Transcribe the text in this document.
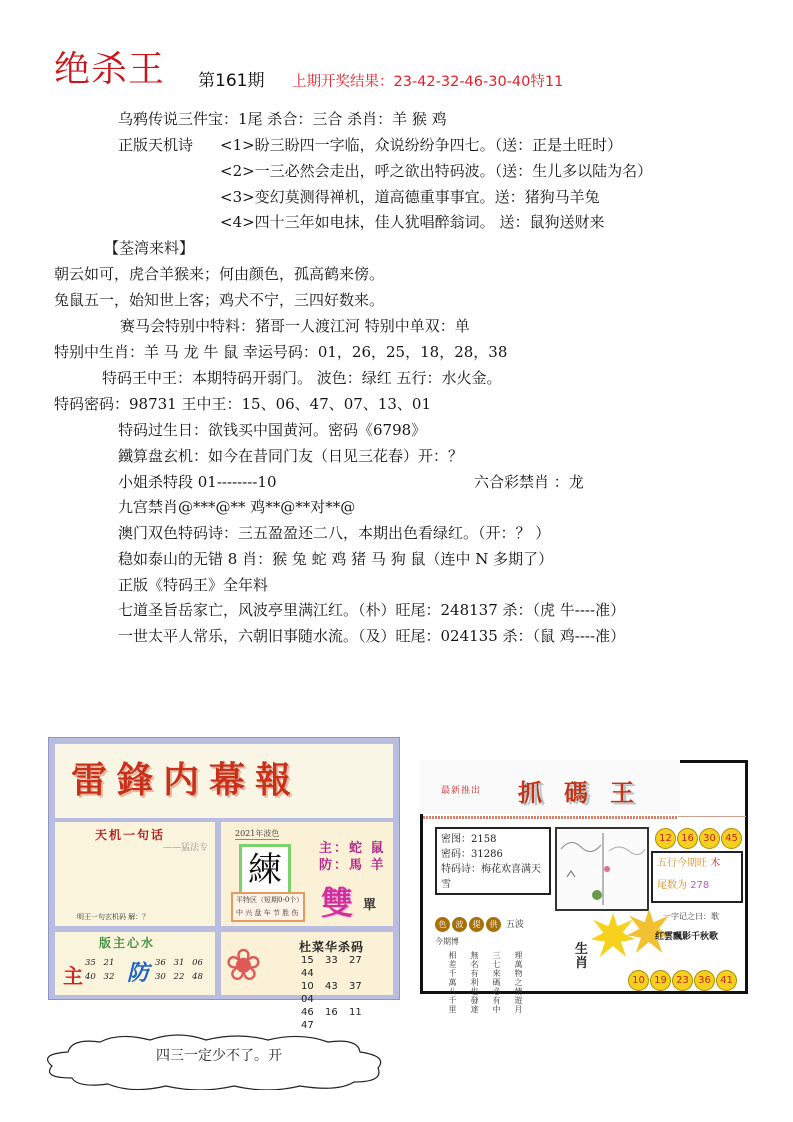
绝杀王 第161期 上期开奖结果：23-42-32-46-30-40特11
乌鸦传说三件宝：1尾 杀合：三合 杀肖：羊 猴 鸡
正版天机诗 <1>盼三盼四一字临，众说纷纷争四七。（送：正是土旺时）
<2>一三必然会走出，呼之欲出特码波。（送：生儿多以陆为名）
<3>变幻莫测得禅机，道高德重事事宜。送：猪狗马羊兔
<4>四十三年如电抹，佳人犹唱醉翁词。 送：鼠狗送财来
【荃湾来料】
朝云如可，虎合羊猴来；何由颜色，孤高鹤来傍。
兔鼠五一，始知世上客；鸡犬不宁，三四好数来。
赛马会特别中特料：猪哥一人渡江河 特别中单双：单
特别中生肖：羊 马 龙 牛 鼠 幸运号码：01，26，25，18，28，38
特码王中王：本期特码开弱门。 波色：绿红 五行：水火金。
特码密码：98731 王中王：15、06、47、07、13、01
特码过生日：欲钱买中国黄河。密码《6798》
鐵算盘玄机：如今在昔同门友（日见三花春）开：？
小姐杀特段 01--------10	六合彩禁肖 ：龙
九宫禁肖@***@** 鸡**@**对**@
澳门双色特码诗：三五盈盈还二八，本期出色看绿红。（开：？ ）
稳如泰山的无错 8 肖：猴 兔 蛇 鸡 猪 马 狗 鼠（连中 N 多期了）
正版《特码王》全年料
七道圣旨岳家亡，风波亭里满江红。（朴）旺尾：248137 杀：（虎 牛----准）
一世太平人常乐，六朝旧事随水流。（及）旺尾：024135 杀：（鼠 鸡----准）
雷鋒内幕報
天机一句话
——猛法专
明王一句玄机码 解：？
2021年波色
練
主：蛇 鼠
防：馬 羊
平特区（短期0-0个）
中 兴 盘 车 节 胜 伤 雙 單
版主心水
主
35 21
40 32 防 36 31 06
30 22 48 ❀	杜菜华杀码
15 33 2744
10 43 3704
46 16 1147
最新推出 抓碼王
密图：2158
密码：31286
特码诗：梅花欢喜满天雪
12 16 30 45
五行今期旺 木
尾数为 278
色 波 提 供 五波
今期博
相差千萬八千里 無名有利也發達 三七來碼必有中 理萬物之情遊月
生肖
一字记之曰：歌
红雲飄影千秋歌
10 19 23 36 41
四三一定少不了。开
